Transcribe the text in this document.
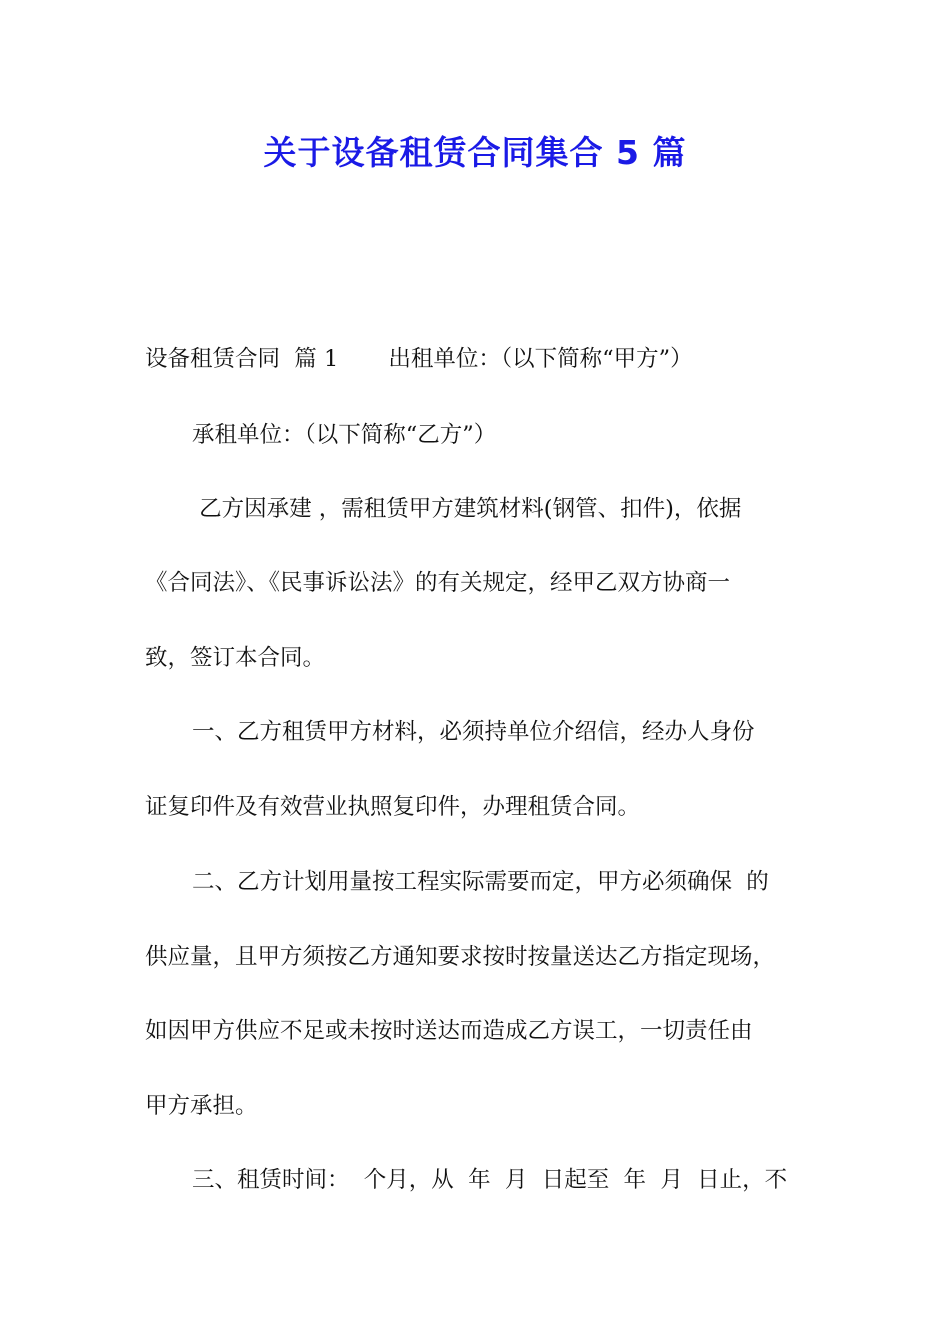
关于设备租赁合同集合 5 篇

设备租赁合同  篇 1       出租单位：（以下简称“甲方”）

承租单位：（以下简称“乙方”）

乙方因承建 ，需租赁甲方建筑材料(钢管、扣件)，依据

《合同法》、《民事诉讼法》的有关规定，经甲乙双方协商一

致，签订本合同。

一、乙方租赁甲方材料，必须持单位介绍信，经办人身份

证复印件及有效营业执照复印件，办理租赁合同。

二、乙方计划用量按工程实际需要而定，甲方必须确保  的

供应量，且甲方须按乙方通知要求按时按量送达乙方指定现场，

如因甲方供应不足或未按时送达而造成乙方误工，一切责任由

甲方承担。

三、租赁时间：  个月，从  年  月  日起至  年  月  日止，不
